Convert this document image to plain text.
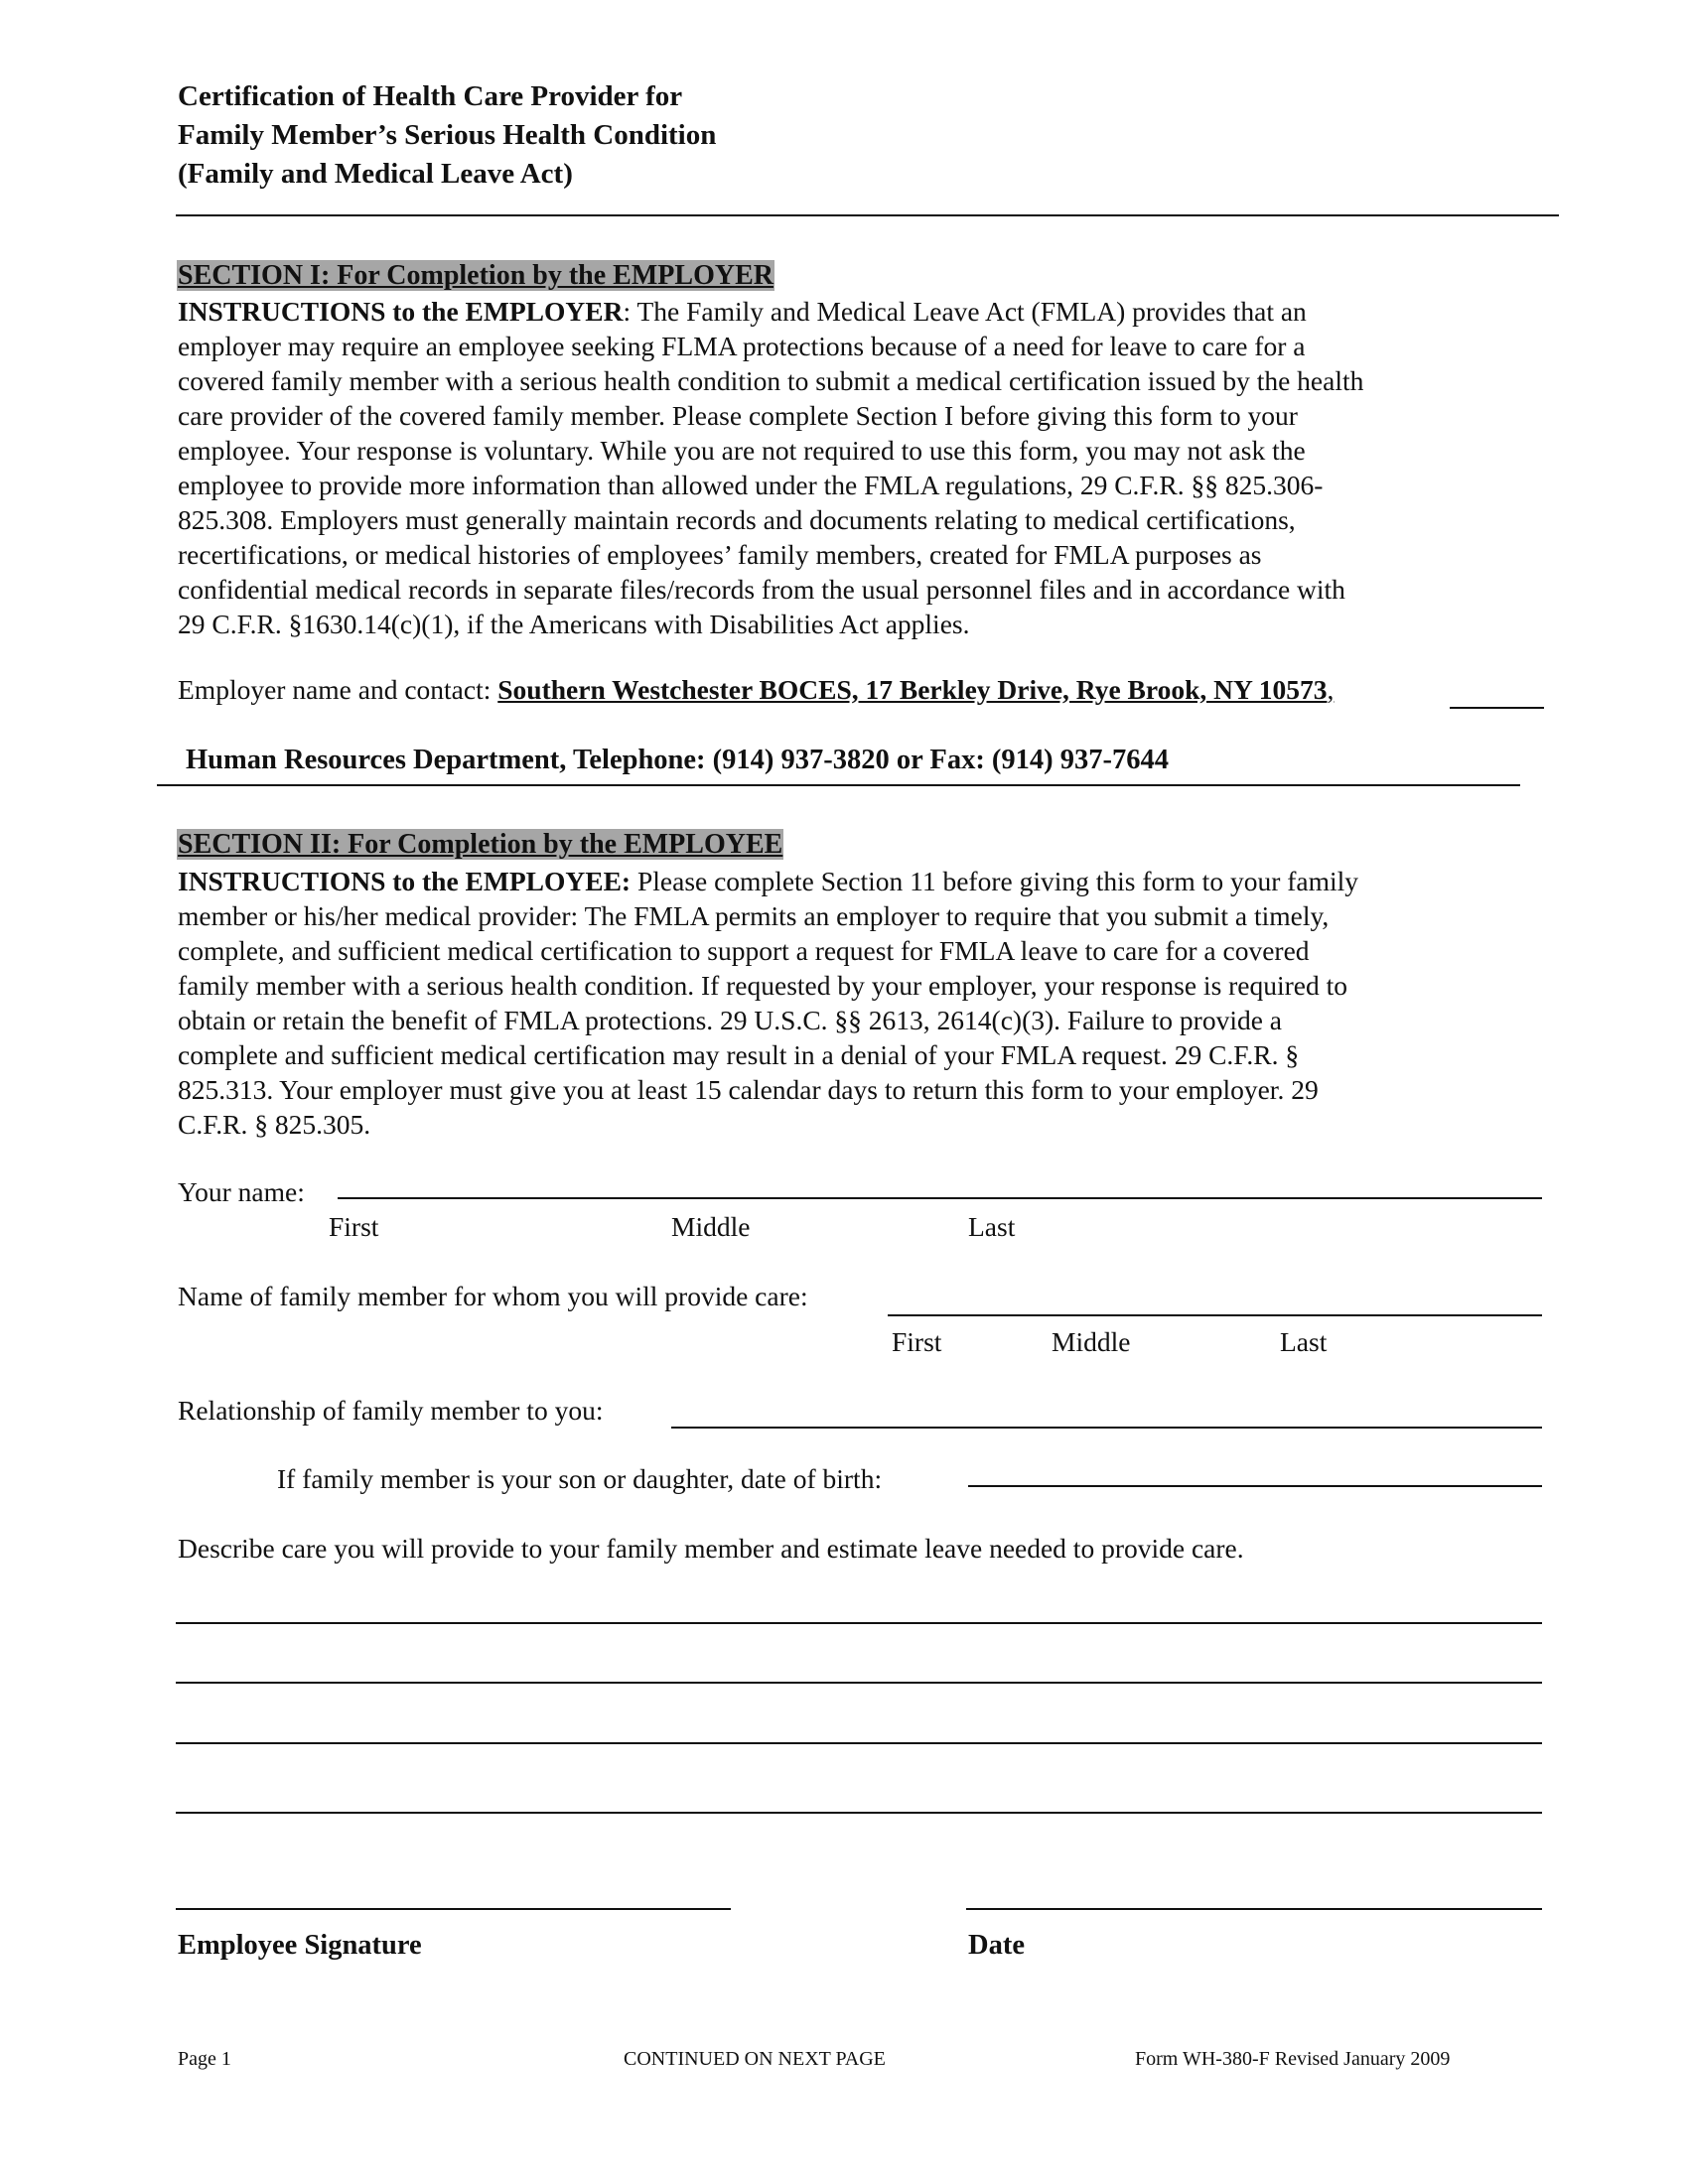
Certification of Health Care Provider for
Family Member’s Serious Health Condition
(Family and Medical Leave Act)
SECTION I: For Completion by the EMPLOYER
INSTRUCTIONS to the EMPLOYER: The Family and Medical Leave Act (FMLA) provides that an
employer may require an employee seeking FLMA protections because of a need for leave to care for a
covered family member with a serious health condition to submit a medical certification issued by the health
care provider of the covered family member. Please complete Section I before giving this form to your
employee. Your response is voluntary. While you are not required to use this form, you may not ask the
employee to provide more information than allowed under the FMLA regulations, 29 C.F.R. §§ 825.306-
825.308. Employers must generally maintain records and documents relating to medical certifications,
recertifications, or medical histories of employees’ family members, created for FMLA purposes as
confidential medical records in separate files/records from the usual personnel files and in accordance with
29 C.F.R. §1630.14(c)(1), if the Americans with Disabilities Act applies.
Employer name and contact: Southern Westchester BOCES, 17 Berkley Drive, Rye Brook, NY 10573,
Human Resources Department, Telephone: (914) 937-3820 or Fax: (914) 937-7644
SECTION II: For Completion by the EMPLOYEE
INSTRUCTIONS to the EMPLOYEE: Please complete Section 11 before giving this form to your family
member or his/her medical provider: The FMLA permits an employer to require that you submit a timely,
complete, and sufficient medical certification to support a request for FMLA leave to care for a covered
family member with a serious health condition. If requested by your employer, your response is required to
obtain or retain the benefit of FMLA protections. 29 U.S.C. §§ 2613, 2614(c)(3). Failure to provide a
complete and sufficient medical certification may result in a denial of your FMLA request. 29 C.F.R. §
825.313. Your employer must give you at least 15 calendar days to return this form to your employer. 29
C.F.R. § 825.305.
Your name:
First	Middle	Last
Name of family member for whom you will provide care:
First	Middle	Last
Relationship of family member to you:
If family member is your son or daughter, date of birth:
Describe care you will provide to your family member and estimate leave needed to provide care.
Employee Signature	Date
Page 1	CONTINUED ON NEXT PAGE	Form WH-380-F Revised January 2009
